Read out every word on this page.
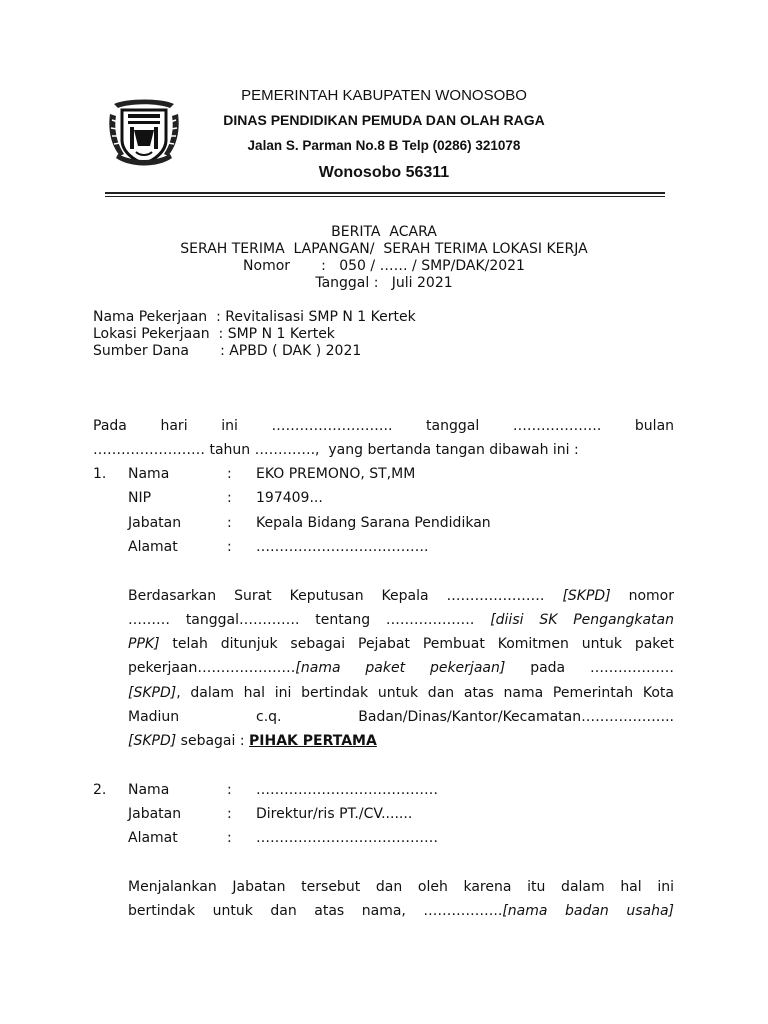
PEMERINTAH KABUPATEN WONOSOBO
DINAS PENDIDIKAN PEMUDA DAN OLAH RAGA
Jalan S. Parman No.8 B Telp (0286) 321078
Wonosobo 56311
BERITA  ACARA
SERAH TERIMA  LAPANGAN/  SERAH TERIMA LOKASI KERJA
Nomor       :   050 / …… / SMP/DAK/2021
Tanggal :   Juli 2021
Nama Pekerjaan  : Revitalisasi SMP N 1 Kertek
Lokasi Pekerjaan  : SMP N 1 Kertek
Sumber Dana       : APBD ( DAK ) 2021
Pada hari ini …………………….. tanggal ………………. bulan
…………………… tahun ………….,  yang bertanda tangan dibawah ini :
1. Nama	: EKO PREMONO, ST,MM
NIP	: 197409...
Jabatan	: Kepala Bidang Sarana Pendidikan
Alamat	: ……………………………….
Berdasarkan Surat Keputusan Kepala ………………… [SKPD] nomor
……… tanggal…………. tentang ………………. [diisi SK Pengangkatan
PPK] telah ditunjuk sebagai Pejabat Pembuat Komitmen untuk paket
pekerjaan…………………[nama paket pekerjaan] pada ………………
[SKPD], dalam hal ini bertindak untuk dan atas nama Pemerintah Kota
Madiun	c.q. Badan/Dinas/Kantor/Kecamatan………………..
[SKPD] sebagai : PIHAK PERTAMA
2. Nama	: …………………………………
Jabatan	: Direktur/ris PT./CV.......
Alamat	: …………………………………
Menjalankan Jabatan tersebut dan oleh karena itu dalam hal ini
bertindak untuk dan atas nama, ……………..[nama badan usaha]
